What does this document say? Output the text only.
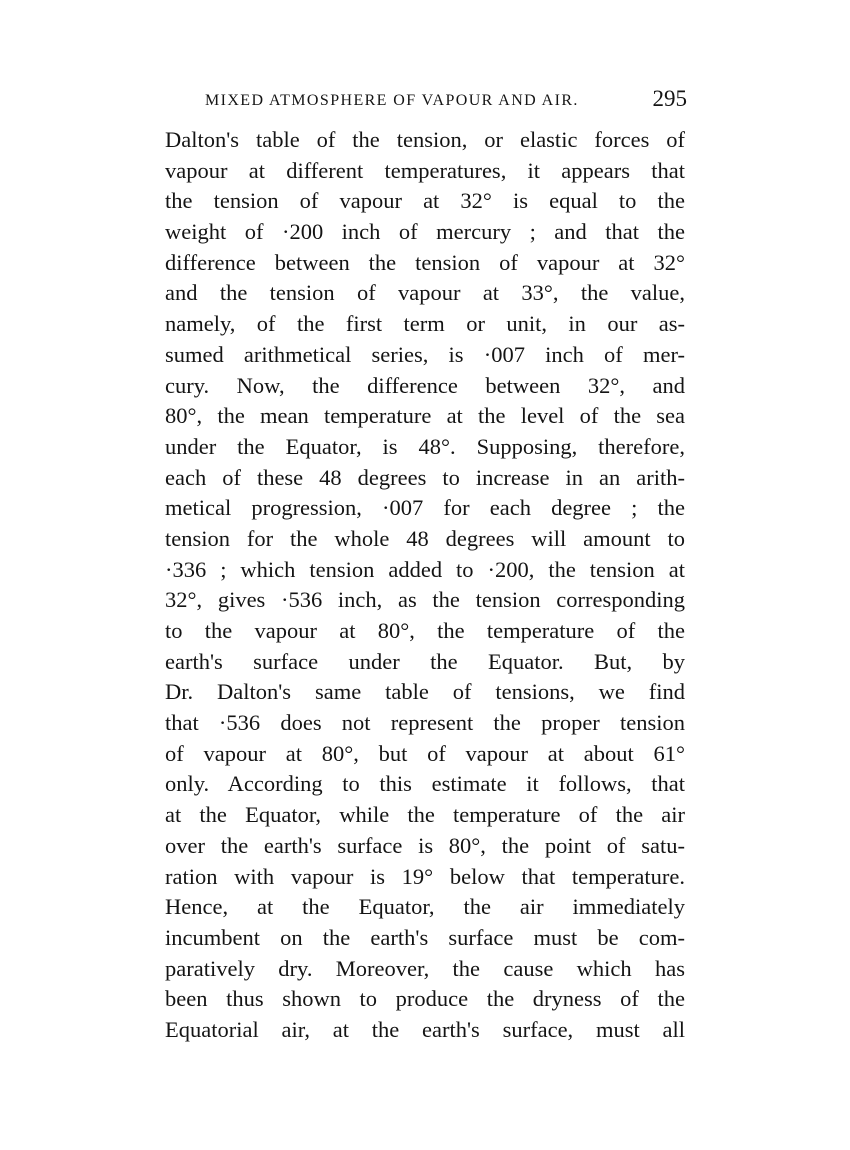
MIXED ATMOSPHERE OF VAPOUR AND AIR.	295
Dalton's table of the tension, or elastic forces of
vapour at different temperatures, it appears that
the tension of vapour at 32° is equal to the
weight of ·200 inch of mercury ; and that the
difference between the tension of vapour at 32°
and the tension of vapour at 33°, the value,
namely, of the first term or unit, in our as-
sumed arithmetical series, is ·007 inch of mer-
cury. Now, the difference between 32°, and
80°, the mean temperature at the level of the sea
under the Equator, is 48°. Supposing, therefore,
each of these 48 degrees to increase in an arith-
metical progression, ·007 for each degree ; the
tension for the whole 48 degrees will amount to
·336 ; which tension added to ·200, the tension at
32°, gives ·536 inch, as the tension corresponding
to the vapour at 80°, the temperature of the
earth's surface under the Equator. But, by
Dr. Dalton's same table of tensions, we find
that ·536 does not represent the proper tension
of vapour at 80°, but of vapour at about 61°
only. According to this estimate it follows, that
at the Equator, while the temperature of the air
over the earth's surface is 80°, the point of satu-
ration with vapour is 19° below that temperature.
Hence, at the Equator, the air immediately
incumbent on the earth's surface must be com-
paratively dry. Moreover, the cause which has
been thus shown to produce the dryness of the
Equatorial air, at the earth's surface, must all
